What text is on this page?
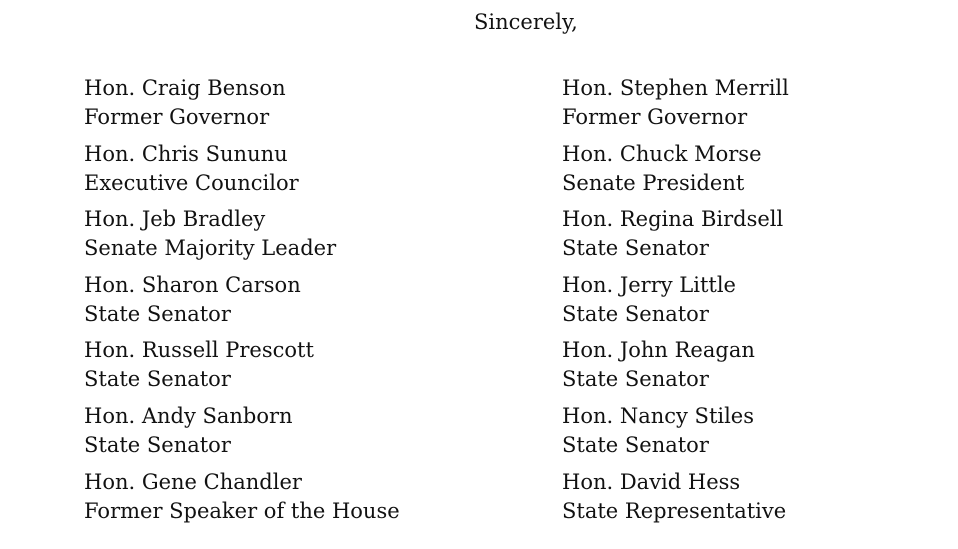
Sincerely,
Hon. Craig Benson
Former Governor
Hon. Chris Sununu
Executive Councilor
Hon. Jeb Bradley
Senate Majority Leader
Hon. Sharon Carson
State Senator
Hon. Russell Prescott
State Senator
Hon. Andy Sanborn
State Senator
Hon. Gene Chandler
Former Speaker of the House
Hon. Stephen Merrill
Former Governor
Hon. Chuck Morse
Senate President
Hon. Regina Birdsell
State Senator
Hon. Jerry Little
State Senator
Hon. John Reagan
State Senator
Hon. Nancy Stiles
State Senator
Hon. David Hess
State Representative
